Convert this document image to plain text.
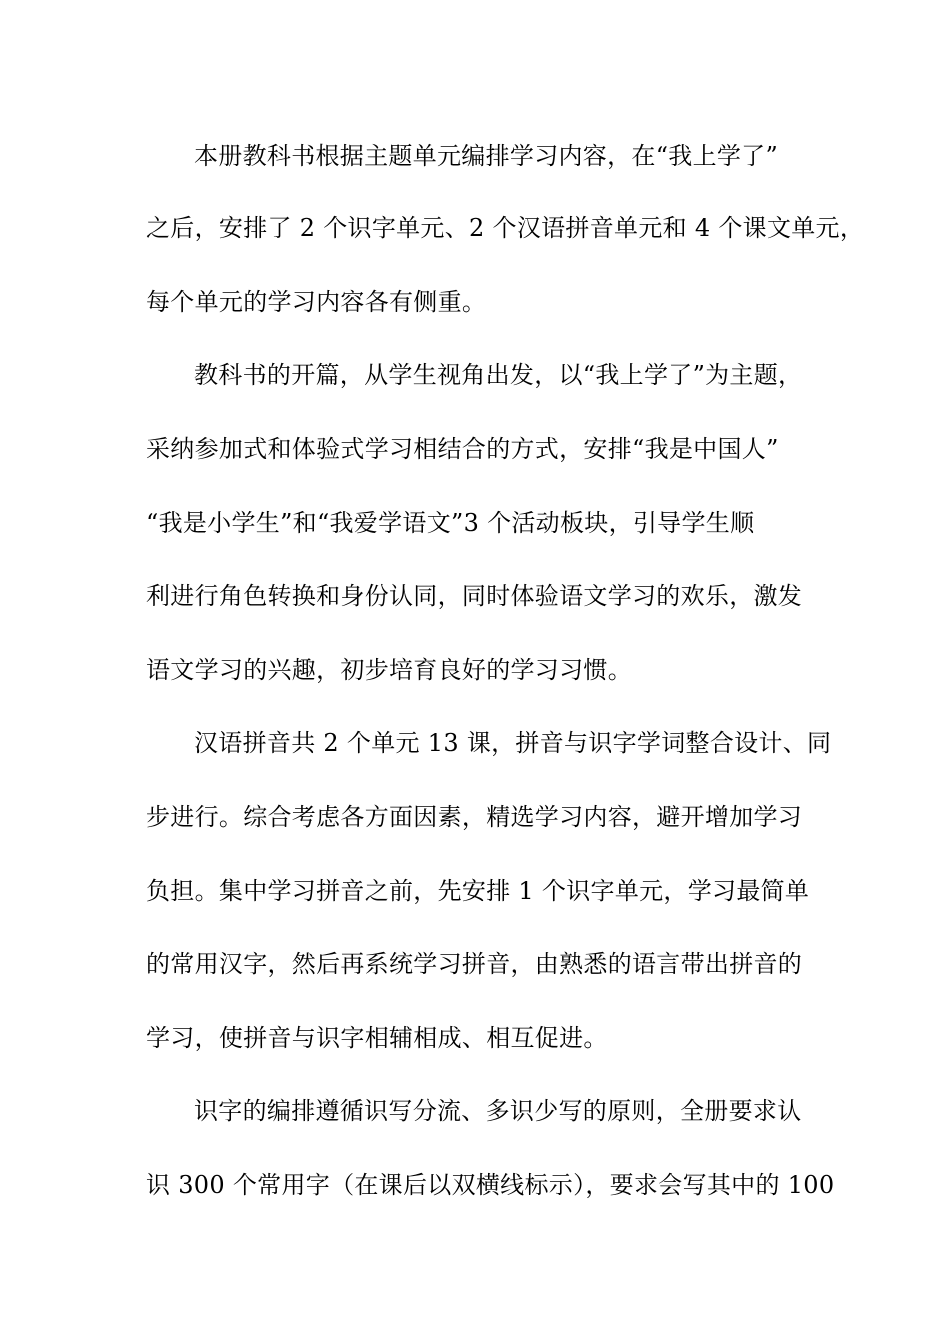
本册教科书根据主题单元编排学习内容，在“我上学了”
之后，安排了 2 个识字单元、2 个汉语拼音单元和 4 个课文单元，
每个单元的学习内容各有侧重。
教科书的开篇，从学生视角出发，以“我上学了”为主题，
采纳参加式和体验式学习相结合的方式，安排“我是中国人”
“我是小学生”和“我爱学语文”3 个活动板块，引导学生顺
利进行角色转换和身份认同，同时体验语文学习的欢乐，激发
语文学习的兴趣，初步培育良好的学习习惯。
汉语拼音共 2 个单元 13 课，拼音与识字学词整合设计、同
步进行。综合考虑各方面因素，精选学习内容，避开增加学习
负担。集中学习拼音之前，先安排 1 个识字单元，学习最简单
的常用汉字，然后再系统学习拼音，由熟悉的语言带出拼音的
学习，使拼音与识字相辅相成、相互促进。
识字的编排遵循识写分流、多识少写的原则，全册要求认
识 300 个常用字（在课后以双横线标示），要求会写其中的 100
